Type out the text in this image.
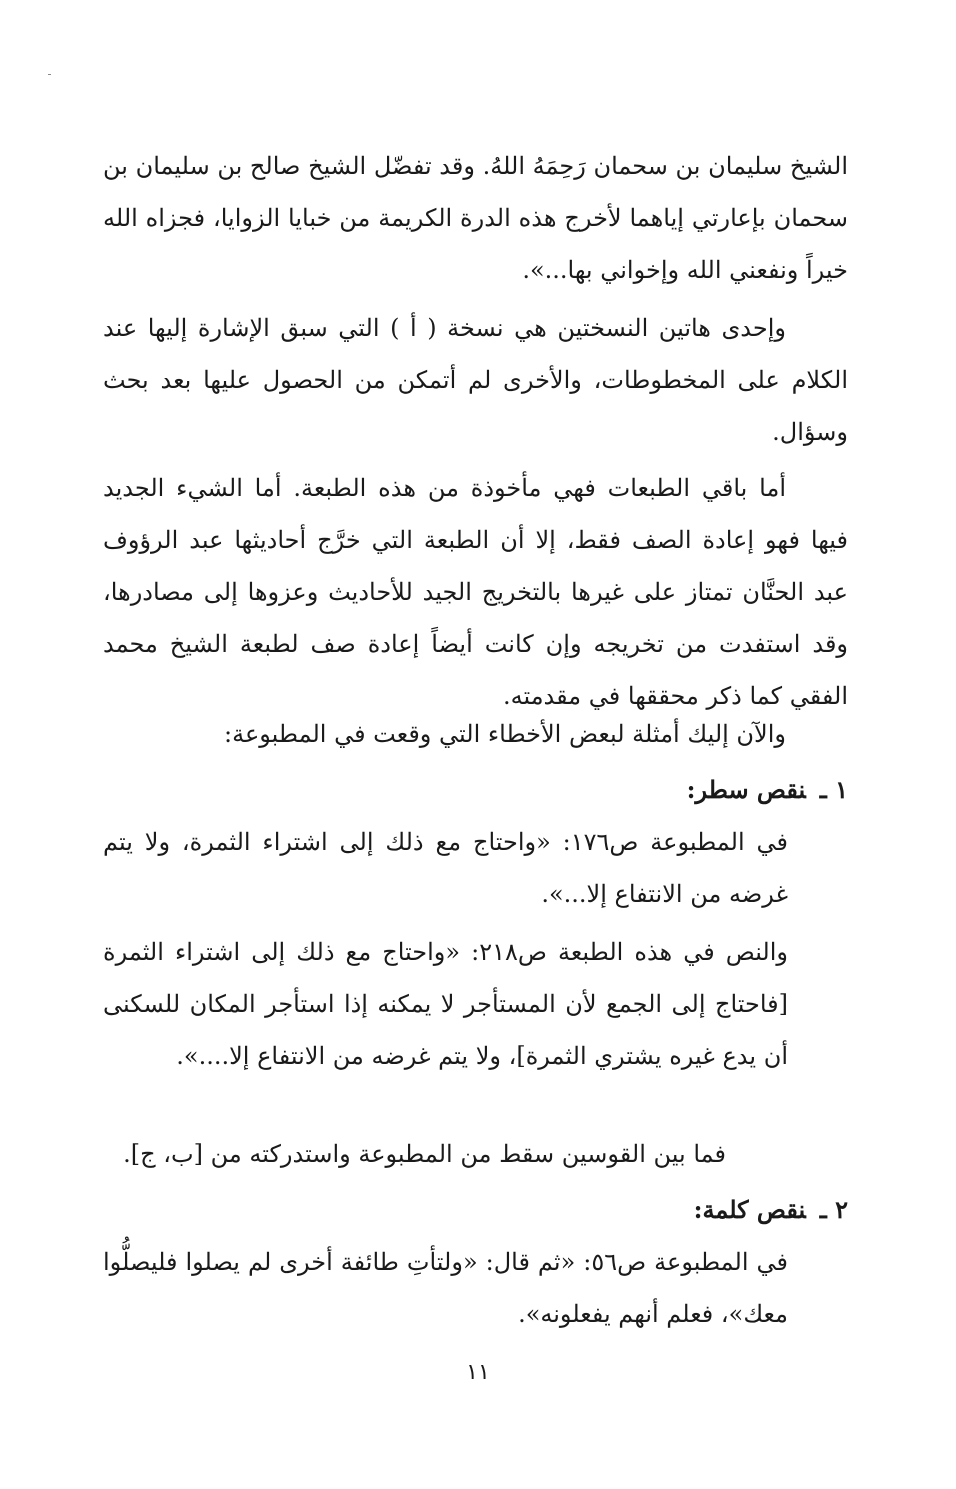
الشيخ سليمان بن سحمان رَحِمَهُ اللهُ. وقد تفضّل الشيخ صالح بن سليمان بن سحمان بإعارتي إياهما لأخرج هذه الدرة الكريمة من خبايا الزوايا، فجزاه الله خيراً ونفعني الله وإخواني بها...».
وإحدى هاتين النسختين هي نسخة ( أ ) التي سبق الإشارة إليها عند الكلام على المخطوطات، والأخرى لم أتمكن من الحصول عليها بعد بحث وسؤال.
أما باقي الطبعات فهي مأخوذة من هذه الطبعة. أما الشيء الجديد فيها فهو إعادة الصف فقط، إلا أن الطبعة التي خرَّج أحاديثها عبد الرؤوف عبد الحنَّان تمتاز على غيرها بالتخريج الجيد للأحاديث وعزوها إلى مصادرها، وقد استفدت من تخريجه وإن كانت أيضاً إعادة صف لطبعة الشيخ محمد الفقي كما ذكر محققها في مقدمته.
والآن إليك أمثلة لبعض الأخطاء التي وقعت في المطبوعة:
١ ـنقص سطر:
في المطبوعة ص١٧٦: «واحتاج مع ذلك إلى اشتراء الثمرة، ولا يتم غرضه من الانتفاع إلا...».
والنص في هذه الطبعة ص٢١٨: «واحتاج مع ذلك إلى اشتراء الثمرة [فاحتاج إلى الجمع لأن المستأجر لا يمكنه إذا استأجر المكان للسكنى أن يدع غيره يشتري الثمرة]، ولا يتم غرضه من الانتفاع إلا....».
فما بين القوسين سقط من المطبوعة واستدركته من [ب، ج].
٢ ـنقص كلمة:
في المطبوعة ص٥٦: «ثم قال: «ولتأتِ طائفة أخرى لم يصلوا فليصلُّوا معك»، فعلم أنهم يفعلونه».
١١
